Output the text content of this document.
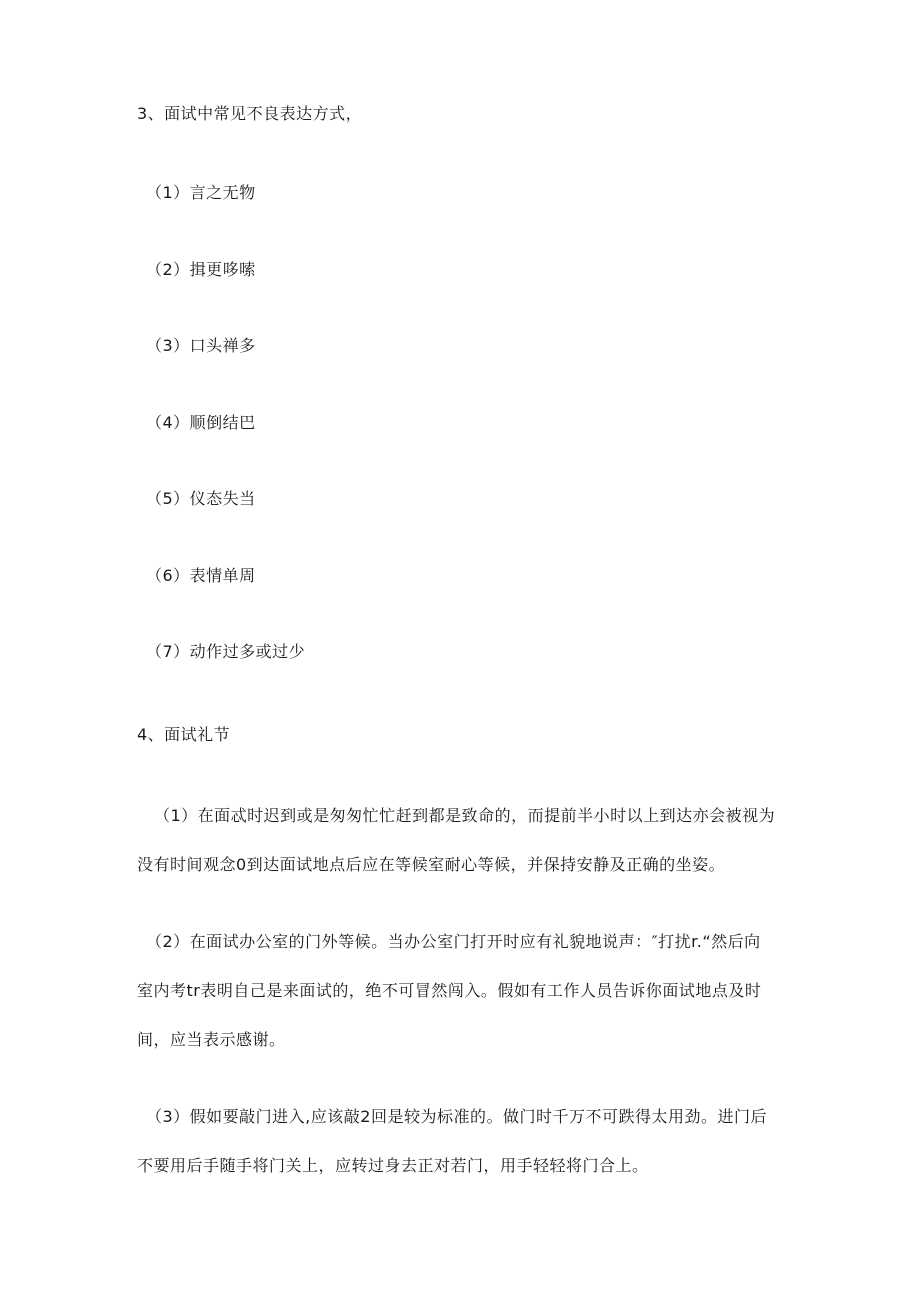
3、面试中常见不良表达方式，
（1）言之无物
（2）揖更哆嗦
（3）口头禅多
（4）顺倒结巴
（5）仪态失当
（6）表情单周
（7）动作过多或过少
4、面试礼节
（1）在面忒时迟到或是匆匆忙忙赶到都是致命的，而提前半小时以上到达亦会被视为
没有时间观念0到达面试地点后应在等候室耐心等候，并保持安静及正确的坐姿。
（2）在面试办公室的门外等候。当办公室门打开时应有礼貌地说声：″打扰r.“然后向
室内考tr表明自己是来面试的，绝不可冒然闯入。假如有工作人员告诉你面试地点及时
间，应当表示感谢。
（3）假如要敲门进入,应该敲2回是较为标准的。做门时千万不可跌得太用劲。进门后
不要用后手随手将门关上，应转过身去正对若门，用手轻轻将门合上。
